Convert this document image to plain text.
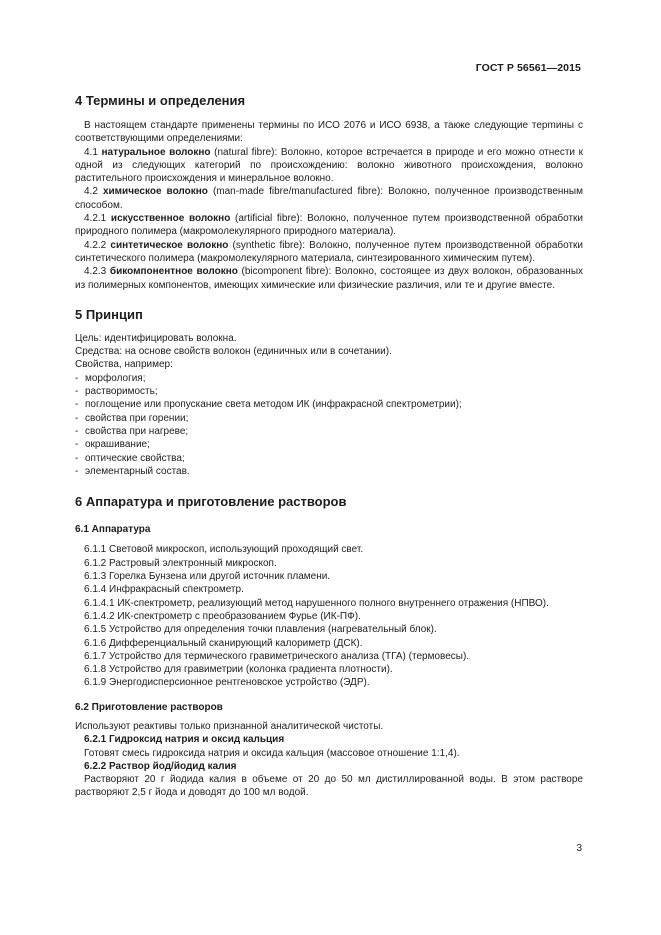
ГОСТ Р 56561—2015
4 Термины и определения

В настоящем стандарте применены термины по ИСО 2076 и ИСО 6938, а также следующие терmины с соответствующими определениями:

4.1 натуральное волокно (natural fibre): Волокно, которое встречается в природе и его можно отнести к одной из следующих категорий по происхождению: волокно животного происхождения, волокно растительного происхождения и минеральное волокно.

4.2 химическое волокно (man-made fibre/manufactured fibre): Волокно, полученное производственным способом.

4.2.1 искусственное волокно (artificial fibre): Волокно, полученное путем производственной обработки природного полимера (макромолекулярного природного материала).

4.2.2 синтетическое волокно (synthetic fibre): Волокно, полученное путем производственной обработки синтетического полимера (макромолекулярного материала, синтезированного химическим путем).

4.2.3 бикомпонентное волокно (bicomponent fibre): Волокно, состоящее из двух волокон, образованных из полимерных компонентов, имеющих химические или физические различия, или те и другие вместе.

5 Принцип

Цель: идентифицировать волокна.

Средства: на основе свойств волокон (единичных или в сочетании).

Свойства, например:

- морфология;
- растворимость;
- поглощение или пропускание света методом ИК (инфракрасной спектрометрии);
- свойства при горении;
- свойства при нагреве;
- окрашивание;
- оптические свойства;
- элементарный состав.
6 Аппаратура и приготовление растворов
6.1 Аппаратура

6.1.1 Световой микроскоп, использующий проходящий свет.

6.1.2 Растровый электронный микроскоп.

6.1.3 Горелка Бунзена или другой источник пламени.

6.1.4 Инфракрасный спектрометр.

6.1.4.1 ИК-спектрометр, реализующий метод нарушенного полного внутреннего отражения (НПВО).

6.1.4.2 ИК-спектрометр с преобразованием Фурье (ИК-ПФ).

6.1.5 Устройство для определения точки плавления (нагревательный блок).

6.1.6 Дифференциальный сканирующий калориметр (ДСК).

6.1.7 Устройство для термического гравиметрического анализа (ТГА) (термовесы).

6.1.8 Устройство для гравиметрии (колонка градиента плотности).

6.1.9 Энергодисперсионное рентгеновское устройство (ЭДР).

6.2 Приготовление растворов

Используют реактивы только признанной аналитической чистоты.

6.2.1 Гидроксид натрия и оксид кальция

Готовят смесь гидроксида натрия и оксида кальция (массовое отношение 1:1,4).

6.2.2 Раствор йод/йодид калия

Растворяют 20 г йодида калия в объеме от 20 до 50 мл дистиллированной воды. В этом растворе растворяют 2,5 г йода и доводят до 100 мл водой.

3
